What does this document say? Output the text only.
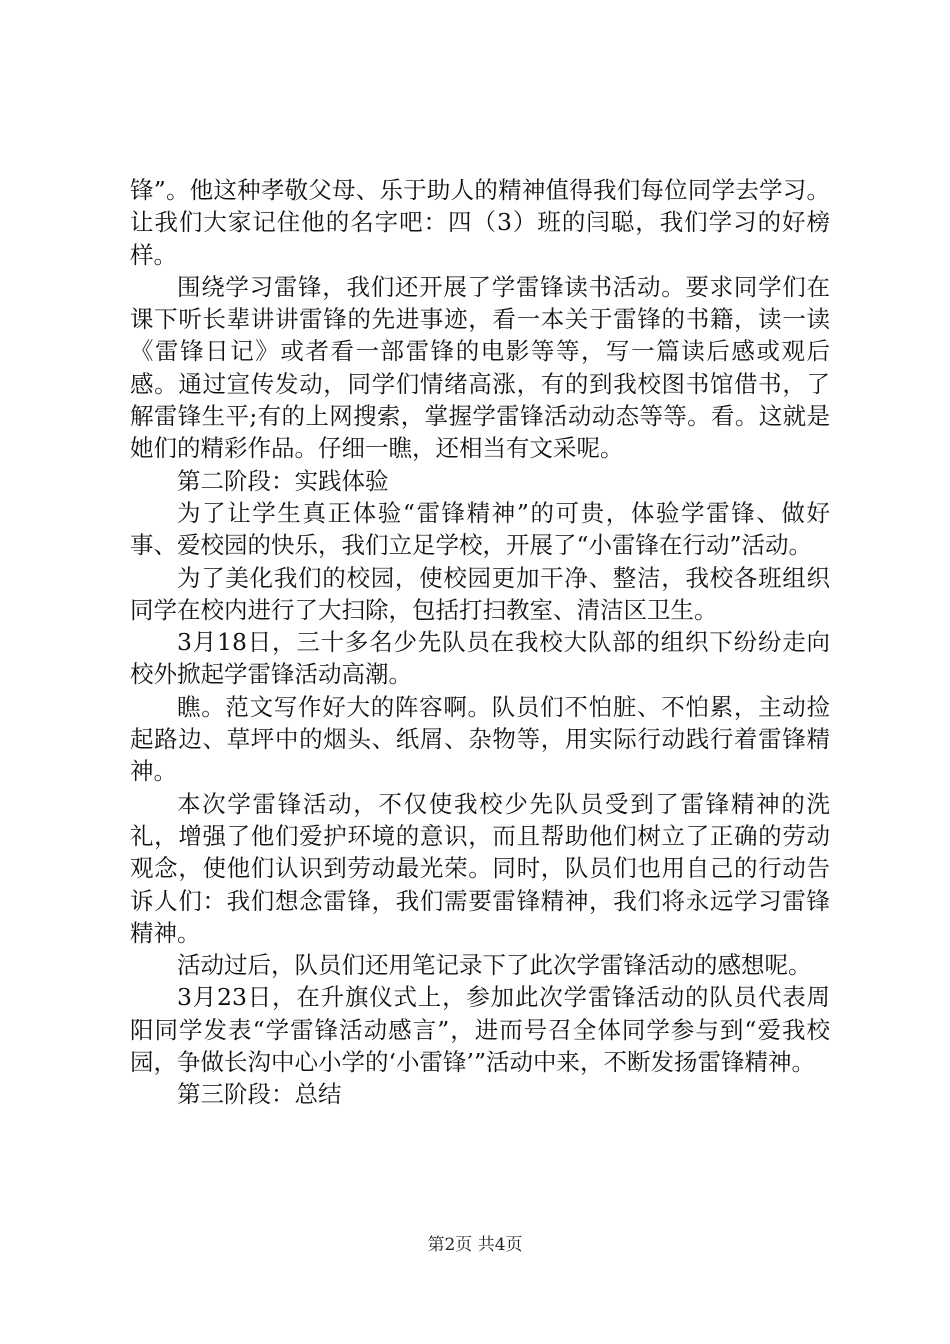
锋”。他这种孝敬父母、乐于助人的精神值得我们每位同学去学习。让我们大家记住他的名字吧：四（3）班的闫聪，我们学习的好榜样。

围绕学习雷锋，我们还开展了学雷锋读书活动。要求同学们在课下听长辈讲讲雷锋的先进事迹，看一本关于雷锋的书籍，读一读《雷锋日记》或者看一部雷锋的电影等等，写一篇读后感或观后感。通过宣传发动，同学们情绪高涨，有的到我校图书馆借书，了解雷锋生平;有的上网搜索，掌握学雷锋活动动态等等。看。这就是她们的精彩作品。仔细一瞧，还相当有文采呢。

第二阶段：实践体验

为了让学生真正体验“雷锋精神”的可贵，体验学雷锋、做好事、爱校园的快乐，我们立足学校，开展了“小雷锋在行动”活动。

为了美化我们的校园，使校园更加干净、整洁，我校各班组织同学在校内进行了大扫除，包括打扫教室、清洁区卫生。

3月18日，三十多名少先队员在我校大队部的组织下纷纷走向校外掀起学雷锋活动高潮。

瞧。范文写作好大的阵容啊。队员们不怕脏、不怕累，主动捡起路边、草坪中的烟头、纸屑、杂物等，用实际行动践行着雷锋精神。

本次学雷锋活动，不仅使我校少先队员受到了雷锋精神的洗礼，增强了他们爱护环境的意识，而且帮助他们树立了正确的劳动观念，使他们认识到劳动最光荣。同时，队员们也用自己的行动告诉人们：我们想念雷锋，我们需要雷锋精神，我们将永远学习雷锋精神。

活动过后，队员们还用笔记录下了此次学雷锋活动的感想呢。

3月23日，在升旗仪式上，参加此次学雷锋活动的队员代表周阳同学发表“学雷锋活动感言”，进而号召全体同学参与到“爱我校园，争做长沟中心小学的‘小雷锋’”活动中来，不断发扬雷锋精神。

第三阶段：总结

第2页 共4页
